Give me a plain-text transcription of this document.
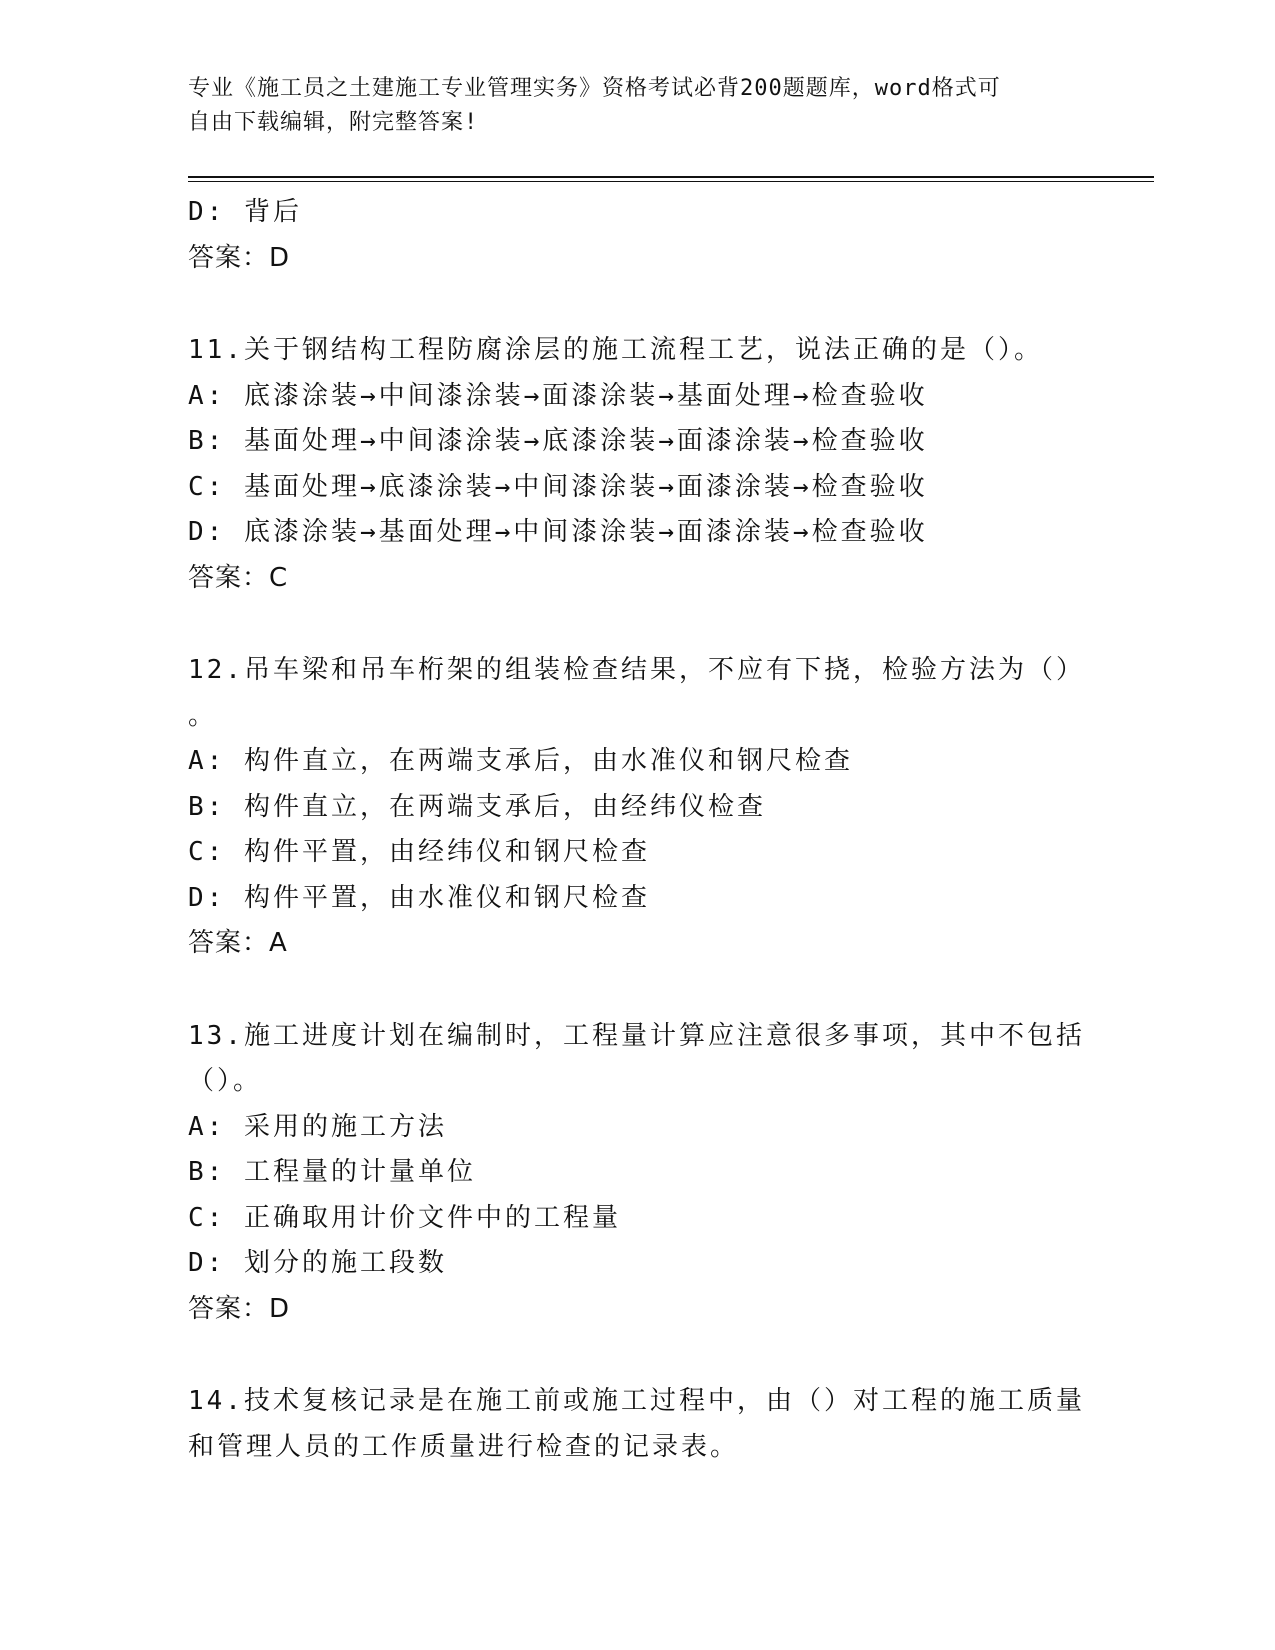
专业《施工员之土建施工专业管理实务》资格考试必背200题题库，word格式可
自由下载编辑，附完整答案!
D: 背后
答案：D
11.关于钢结构工程防腐涂层的施工流程工艺，说法正确的是（）。
A: 底漆涂装→中间漆涂装→面漆涂装→基面处理→检查验收
B: 基面处理→中间漆涂装→底漆涂装→面漆涂装→检查验收
C: 基面处理→底漆涂装→中间漆涂装→面漆涂装→检查验收
D: 底漆涂装→基面处理→中间漆涂装→面漆涂装→检查验收
答案：C
12.吊车梁和吊车桁架的组装检查结果，不应有下挠，检验方法为（）
。
A: 构件直立，在两端支承后，由水准仪和钢尺检查
B: 构件直立，在两端支承后，由经纬仪检查
C: 构件平置，由经纬仪和钢尺检查
D: 构件平置，由水准仪和钢尺检查
答案：A
13.施工进度计划在编制时，工程量计算应注意很多事项，其中不包括
（）。
A: 采用的施工方法
B: 工程量的计量单位
C: 正确取用计价文件中的工程量
D: 划分的施工段数
答案：D
14.技术复核记录是在施工前或施工过程中，由（）对工程的施工质量
和管理人员的工作质量进行检查的记录表。
